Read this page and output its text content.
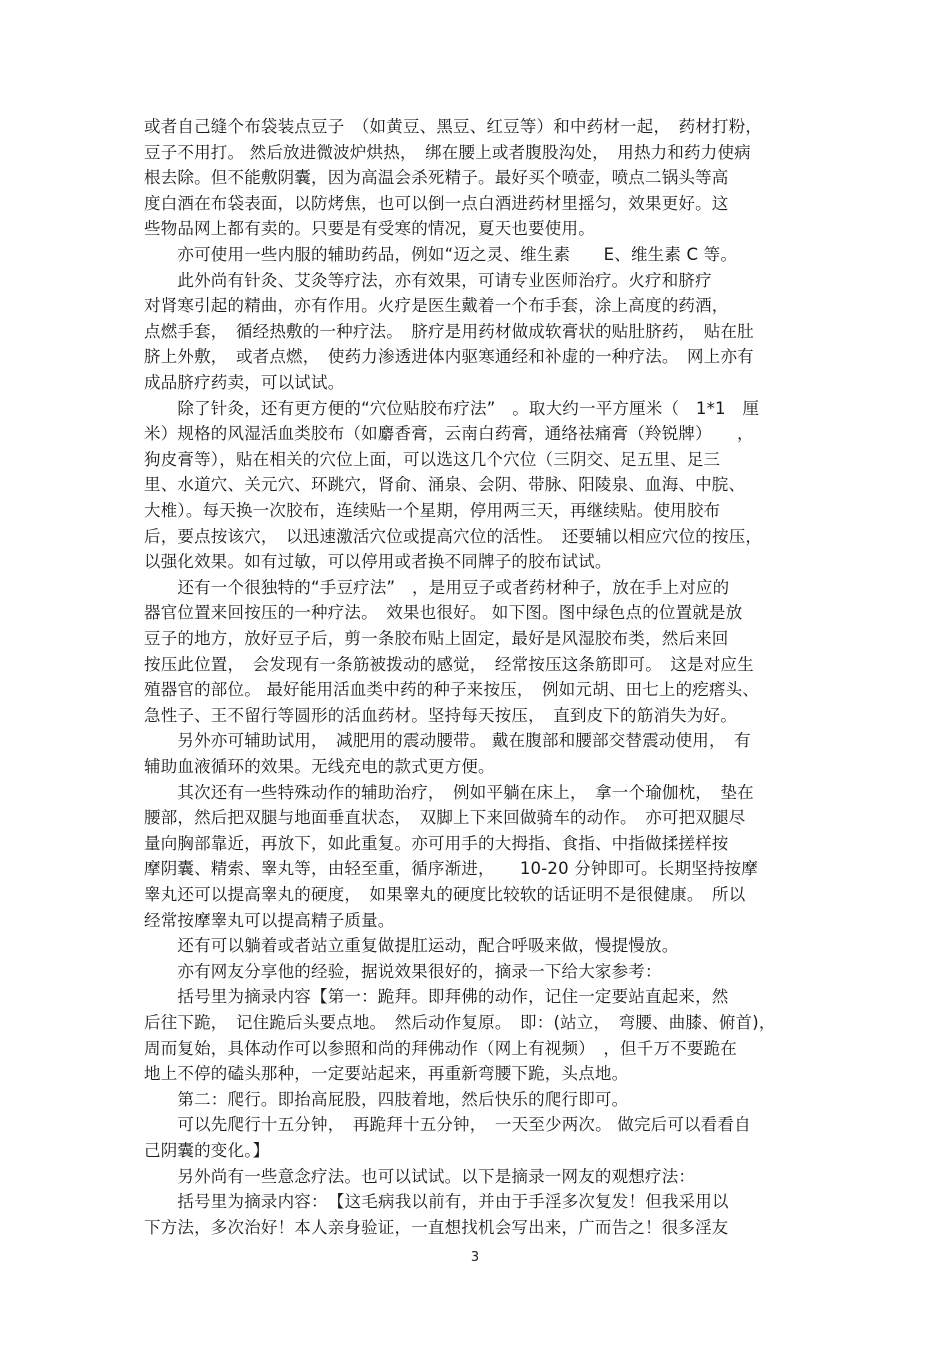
或者自己缝个布袋装点豆子　（如黄豆、黑豆、红豆等）和中药材一起，　药材打粉，
豆子不用打。 然后放进微波炉烘热，　绑在腰上或者腹股沟处，　用热力和药力使病
根去除。但不能敷阴囊，因为高温会杀死精子。最好买个喷壶，喷点二锅头等高
度白酒在布袋表面，以防烤焦，也可以倒一点白酒进药材里摇匀，效果更好。这
些物品网上都有卖的。只要是有受寒的情况，夏天也要使用。
　　亦可使用一些内服的辅助药品，例如“迈之灵、维生素　　E、维生素 C 等。
　　此外尚有针灸、艾灸等疗法，亦有效果，可请专业医师治疗。火疗和脐疗
对肾寒引起的精曲，亦有作用。火疗是医生戴着一个布手套，涂上高度的药酒，
点燃手套，　循经热敷的一种疗法。　脐疗是用药材做成软膏状的贴肚脐药，　贴在肚
脐上外敷，　或者点燃，　使药力渗透进体内驱寒通经和补虚的一种疗法。　网上亦有
成品脐疗药卖，可以试试。
　　除了针灸，还有更方便的“穴位贴胶布疗法”　。取大约一平方厘米（　1*1　厘
米）规格的风湿活血类胶布（如麝香膏，云南白药膏，通络祛痛膏（羚锐牌）　　，
狗皮膏等），贴在相关的穴位上面，可以选这几个穴位（三阴交、足五里、足三
里、水道穴、关元穴、环跳穴，肾俞、涌泉、会阴、带脉、阳陵泉、血海、中脘、
大椎）。每天换一次胶布，连续贴一个星期，停用两三天，再继续贴。使用胶布
后，要点按该穴，　以迅速激活穴位或提高穴位的活性。　还要辅以相应穴位的按压，
以强化效果。如有过敏，可以停用或者换不同牌子的胶布试试。
　　还有一个很独特的“手豆疗法”　，是用豆子或者药材种子，放在手上对应的
器官位置来回按压的一种疗法。　效果也很好。 如下图。图中绿色点的位置就是放
豆子的地方，放好豆子后，剪一条胶布贴上固定，最好是风湿胶布类，然后来回
按压此位置，　会发现有一条筋被拨动的感觉，　经常按压这条筋即可。　这是对应生
殖器官的部位。 最好能用活血类中药的种子来按压，　例如元胡、田七上的疙瘩头、
急性子、王不留行等圆形的活血药材。坚持每天按压，　直到皮下的筋消失为好。
　　另外亦可辅助试用，　减肥用的震动腰带。 戴在腹部和腰部交替震动使用，　有
辅助血液循环的效果。无线充电的款式更方便。
　　其次还有一些特殊动作的辅助治疗，　例如平躺在床上，　拿一个瑜伽枕，　垫在
腰部，然后把双腿与地面垂直状态，　双脚上下来回做骑车的动作。　亦可把双腿尽
量向胸部靠近，再放下，如此重复。亦可用手的大拇指、食指、中指做揉搓样按
摩阴囊、精索、睾丸等，由轻至重，循序渐进，　　10-20 分钟即可。长期坚持按摩
睾丸还可以提高睾丸的硬度，　如果睾丸的硬度比较软的话证明不是很健康。　所以
经常按摩睾丸可以提高精子质量。
　　还有可以躺着或者站立重复做提肛运动，配合呼吸来做，慢提慢放。
　　亦有网友分享他的经验，据说效果很好的，摘录一下给大家参考：
　　括号里为摘录内容【第一：跪拜。即拜佛的动作，记住一定要站直起来，然
后往下跪，　记住跪后头要点地。　然后动作复原。　即：(站立，　弯腰、曲膝、俯首)，
周而复始，具体动作可以参照和尚的拜佛动作（网上有视频）　，但千万不要跪在
地上不停的磕头那种，一定要站起来，再重新弯腰下跪，头点地。
　　第二：爬行。即抬高屁股，四肢着地，然后快乐的爬行即可。
　　可以先爬行十五分钟，　再跪拜十五分钟，　一天至少两次。 做完后可以看看自
己阴囊的变化。】
　　另外尚有一些意念疗法。也可以试试。以下是摘录一网友的观想疗法：
　　括号里为摘录内容：　【这毛病我以前有，并由于手淫多次复发！但我采用以
下方法，多次治好！本人亲身验证，一直想找机会写出来，广而告之！很多淫友
3
